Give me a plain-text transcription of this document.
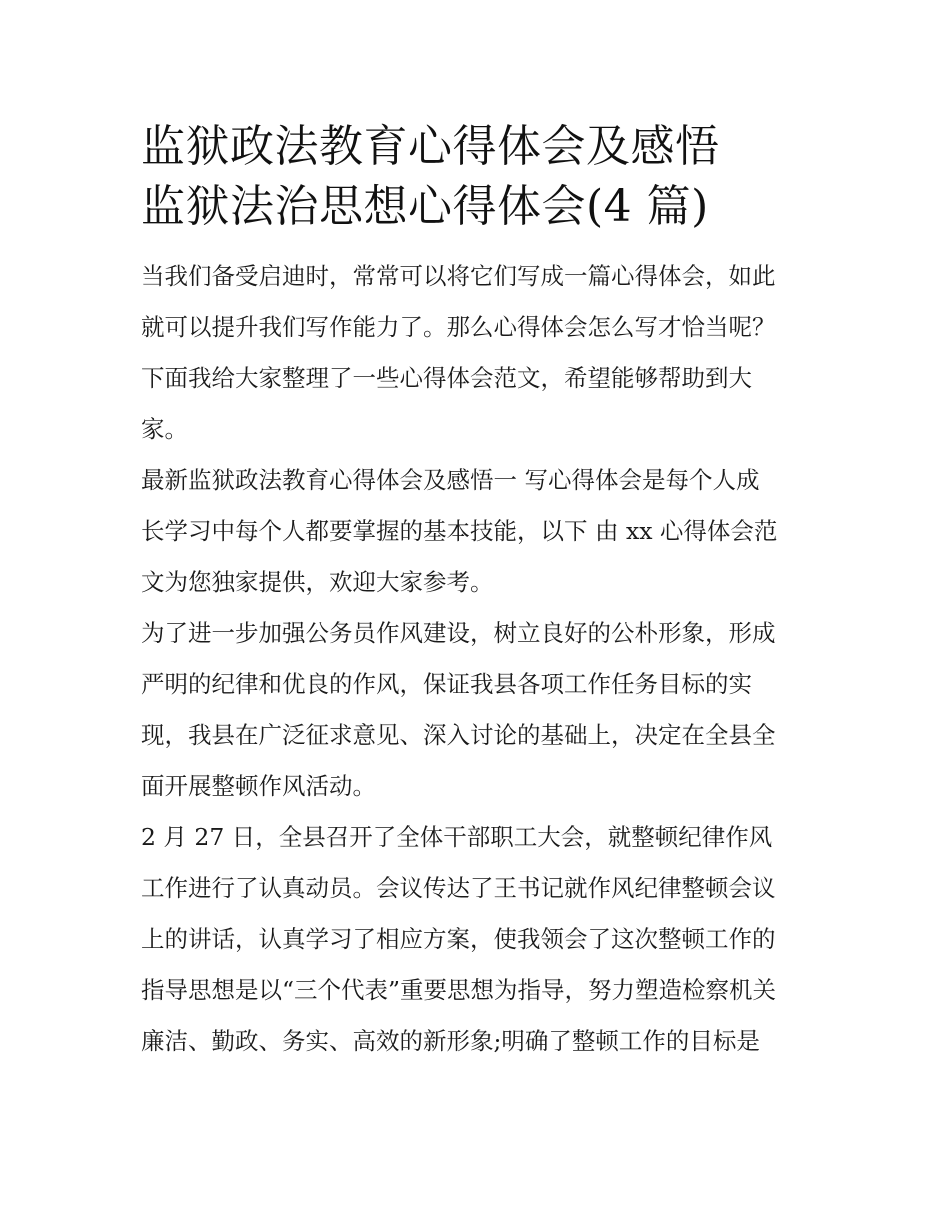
监狱政法教育心得体会及感悟
监狱法治思想心得体会(4 篇)

当我们备受启迪时，常常可以将它们写成一篇心得体会，如此
就可以提升我们写作能力了。那么心得体会怎么写才恰当呢？
下面我给大家整理了一些心得体会范文，希望能够帮助到大
家。

最新监狱政法教育心得体会及感悟一 写心得体会是每个人成
长学习中每个人都要掌握的基本技能，以下 由 xx 心得体会范
文为您独家提供，欢迎大家参考。

为了进一步加强公务员作风建设，树立良好的公朴形象，形成
严明的纪律和优良的作风，保证我县各项工作任务目标的实
现，我县在广泛征求意见、深入讨论的基础上，决定在全县全
面开展整顿作风活动。

2 月 27 日，全县召开了全体干部职工大会，就整顿纪律作风
工作进行了认真动员。会议传达了王书记就作风纪律整顿会议
上的讲话，认真学习了相应方案，使我领会了这次整顿工作的
指导思想是以“三个代表”重要思想为指导，努力塑造检察机关
廉洁、勤政、务实、高效的新形象;明确了整顿工作的目标是
